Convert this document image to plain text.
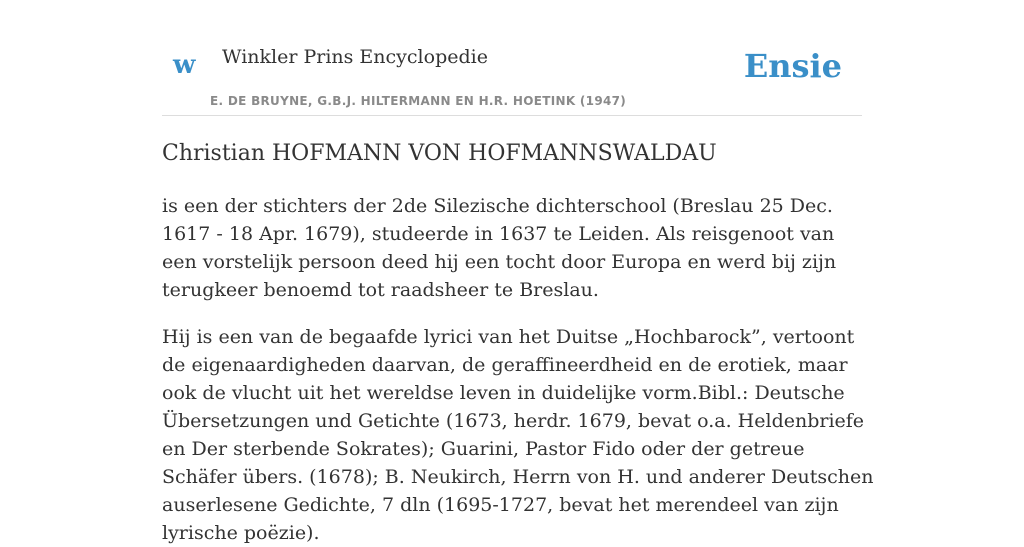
w Winkler Prins Encyclopedie
E. DE BRUYNE, G.B.J. HILTERMANN EN H.R. HOETINK (1947)
Ensie
Christian HOFMANN VON HOFMANNSWALDAU

is een der stichters der 2de Silezische dichterschool (Breslau 25 Dec. 1617 - 18 Apr. 1679), studeerde in 1637 te Leiden. Als reisgenoot van een vorstelijk persoon deed hij een tocht door Europa en werd bij zijn terugkeer benoemd tot raadsheer te Breslau.

Hij is een van de begaafde lyrici van het Duitse „Hochbarock”, vertoont de eigenaardigheden daarvan, de geraffineerdheid en de erotiek, maar ook de vlucht uit het wereldse leven in duidelijke vorm.Bibl.: Deutsche Übersetzungen und Getichte (1673, herdr. 1679, bevat o.a. Heldenbriefe en Der sterbende Sokrates); Guarini, Pastor Fido oder der getreue Schäfer übers. (1678); B. Neukirch, Herrn von H. und anderer Deutschen auserlesene Gedichte, 7 dln (1695-1727, bevat het merendeel van zijn lyrische poëzie).
